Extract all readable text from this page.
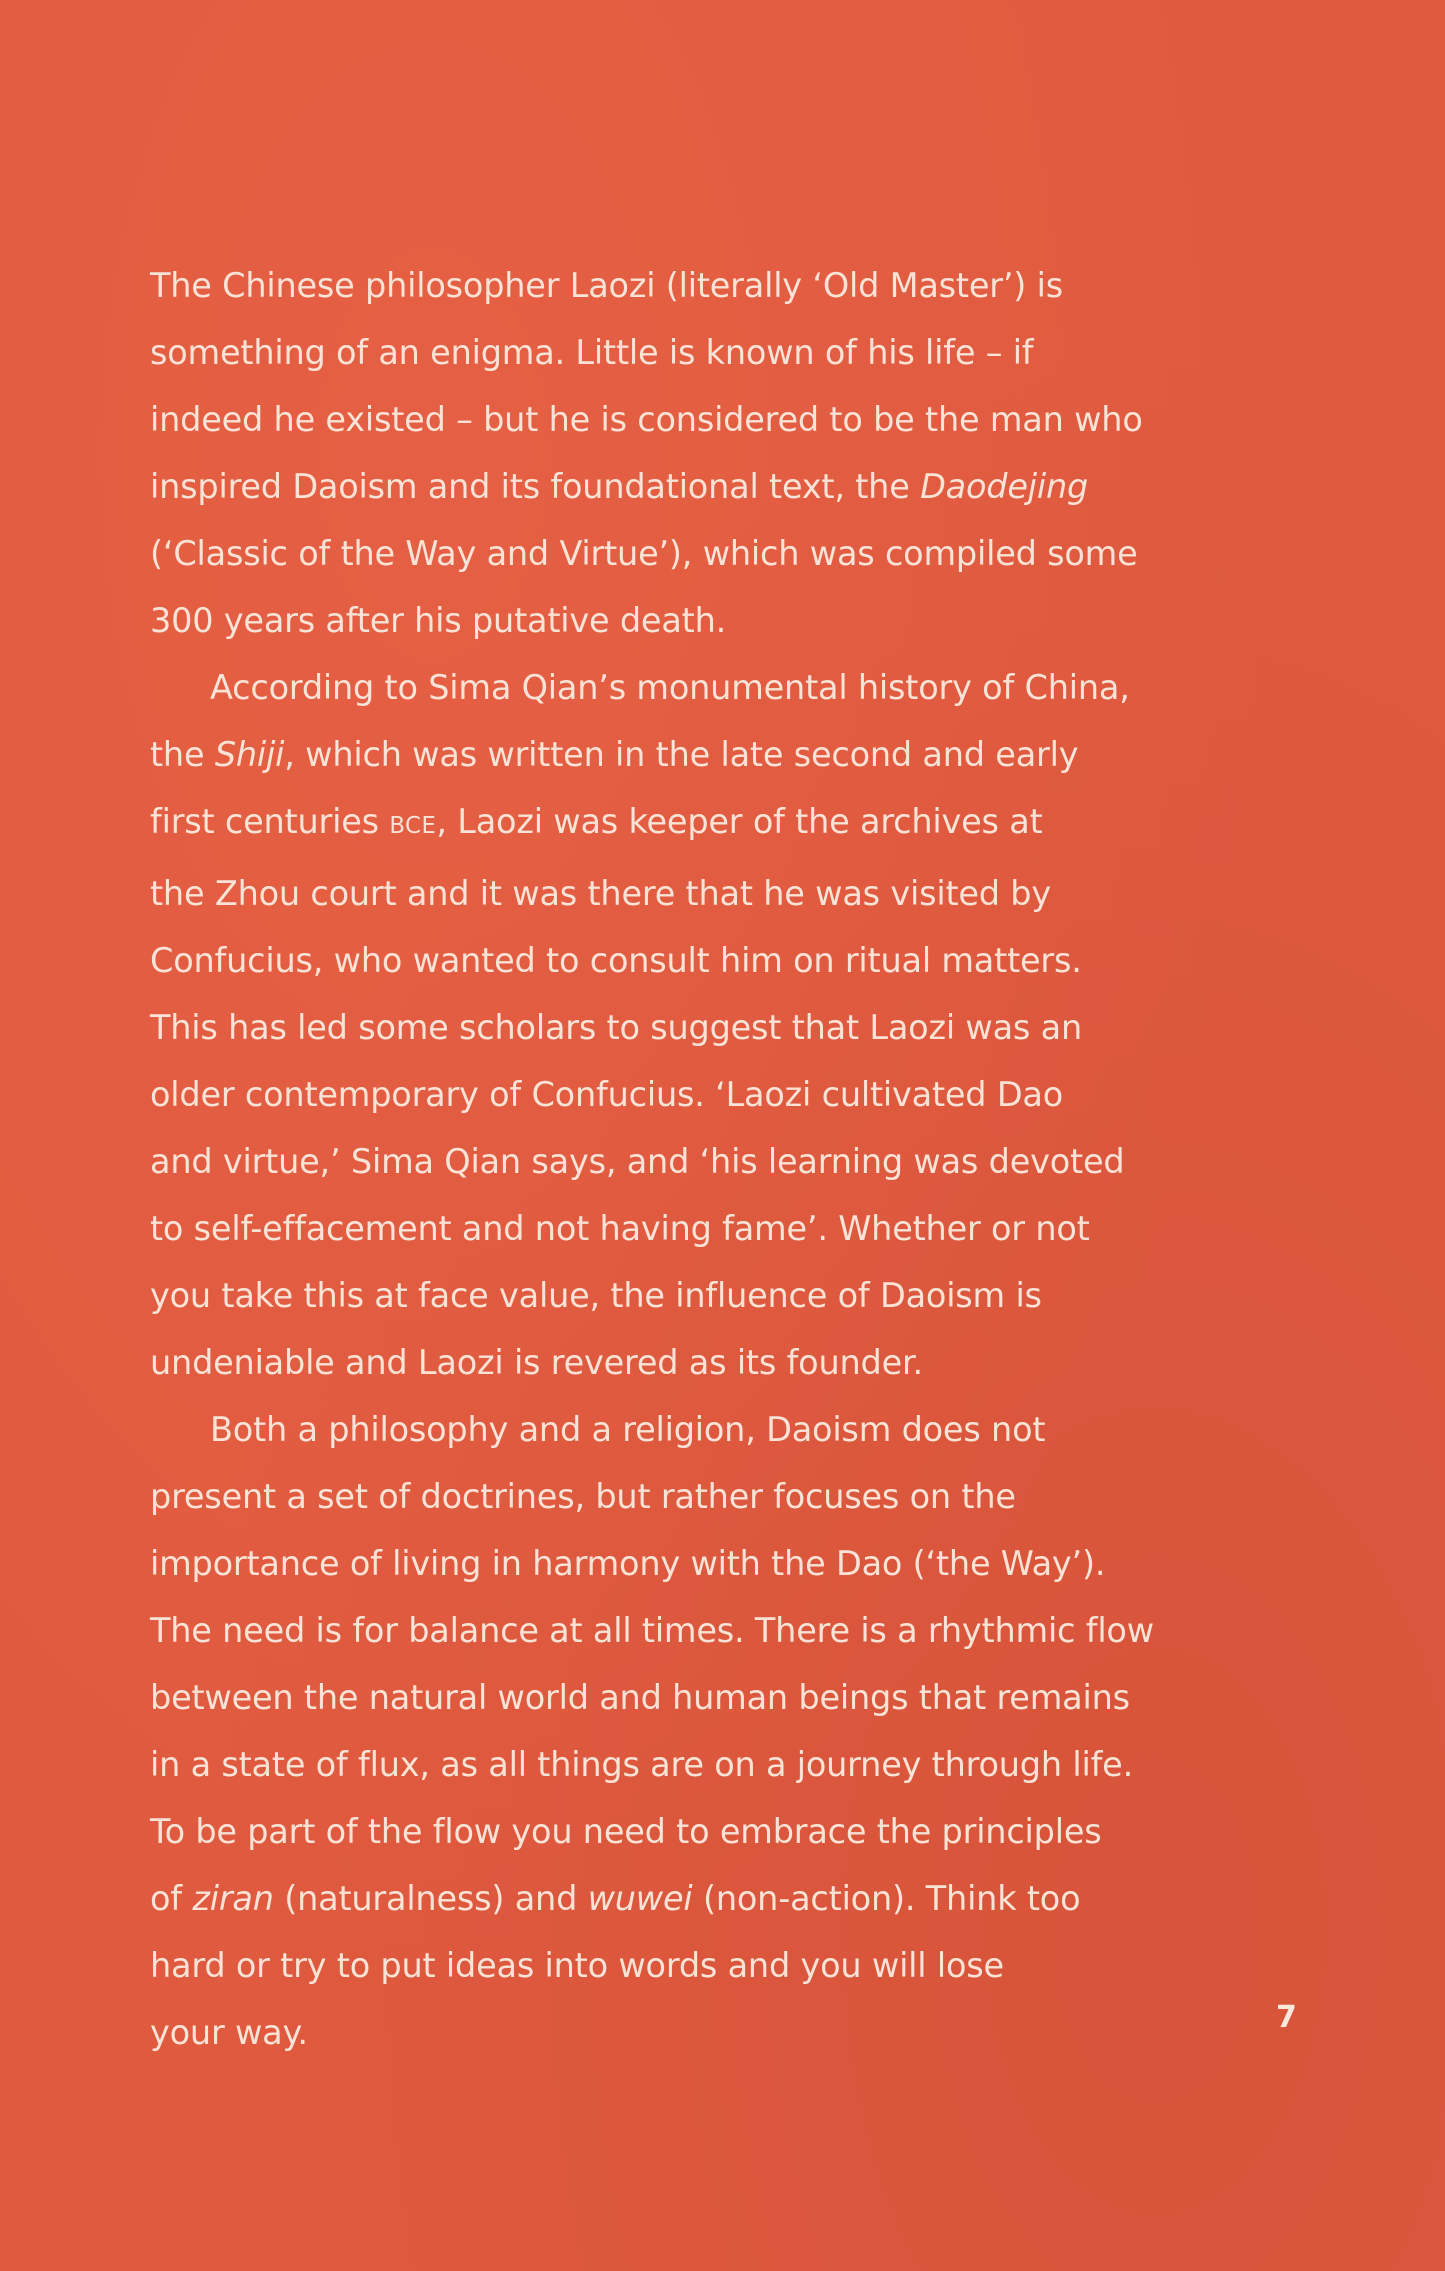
The Chinese philosopher Laozi (literally ‘Old Master’) is
something of an enigma. Little is known of his life – if
indeed he existed – but he is considered to be the man who
inspired Daoism and its foundational text, the Daodejing
(‘Classic of the Way and Virtue’), which was compiled some
300 years after his putative death.
According to Sima Qian’s monumental history of China,
the Shiji, which was written in the late second and early
first centuries BCE, Laozi was keeper of the archives at
the Zhou court and it was there that he was visited by
Confucius, who wanted to consult him on ritual matters.
This has led some scholars to suggest that Laozi was an
older contemporary of Confucius. ‘Laozi cultivated Dao
and virtue,’ Sima Qian says, and ‘his learning was devoted
to self-effacement and not having fame’. Whether or not
you take this at face value, the influence of Daoism is
undeniable and Laozi is revered as its founder.
Both a philosophy and a religion, Daoism does not
present a set of doctrines, but rather focuses on the
importance of living in harmony with the Dao (‘the Way’).
The need is for balance at all times. There is a rhythmic flow
between the natural world and human beings that remains
in a state of flux, as all things are on a journey through life.
To be part of the flow you need to embrace the principles
of ziran (naturalness) and wuwei (non-action). Think too
hard or try to put ideas into words and you will lose
your way.	7
